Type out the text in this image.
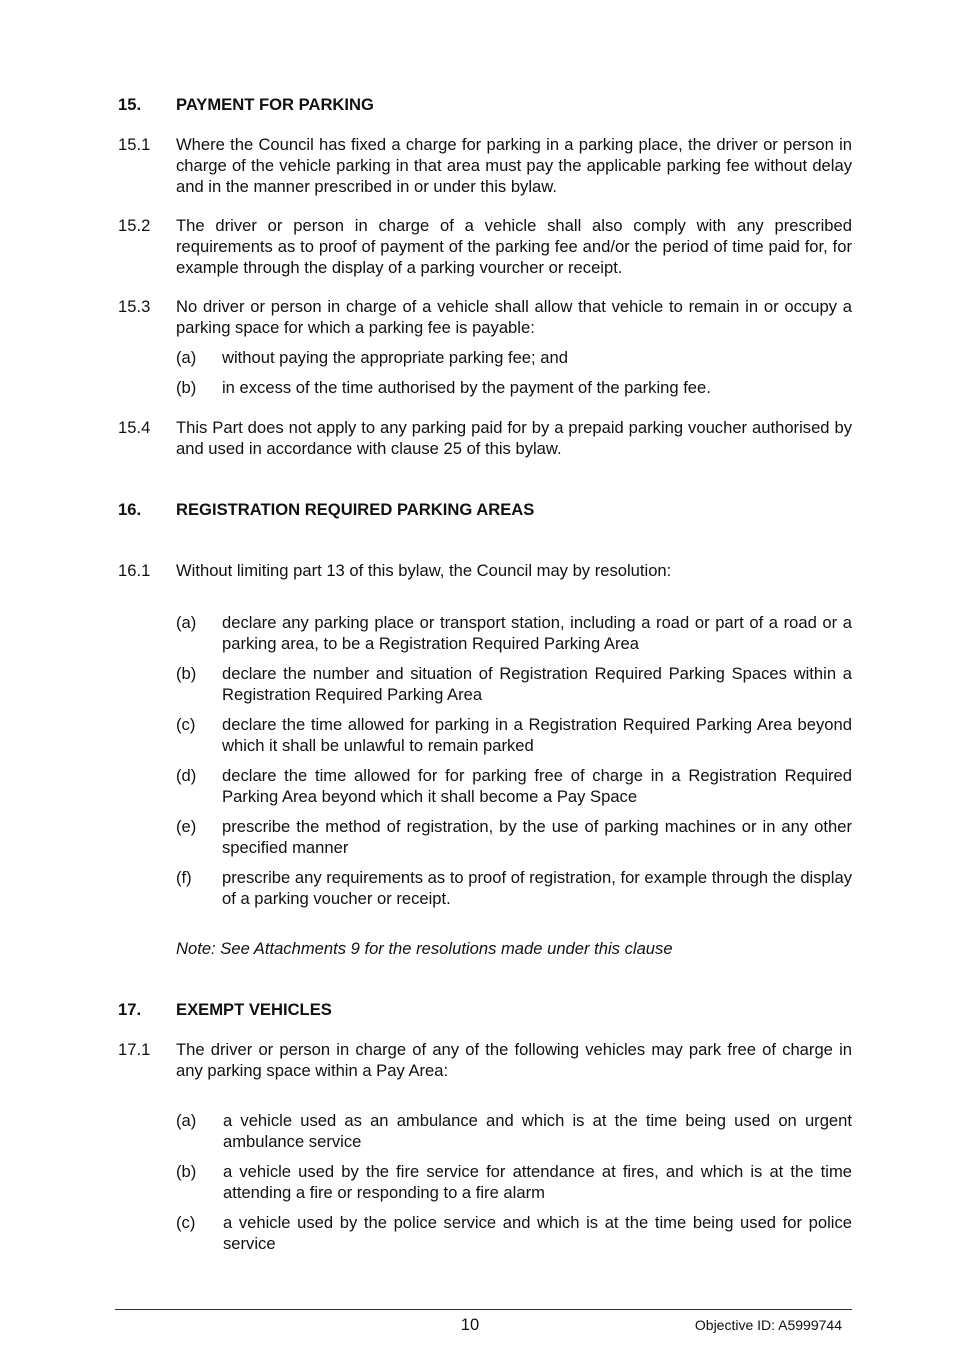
15. PAYMENT FOR PARKING
15.1 Where the Council has fixed a charge for parking in a parking place, the driver or person in charge of the vehicle parking in that area must pay the applicable parking fee without delay and in the manner prescribed in or under this bylaw.
15.2 The driver or person in charge of a vehicle shall also comply with any prescribed requirements as to proof of payment of the parking fee and/or the period of time paid for, for example through the display of a parking vourcher or receipt.
15.3 No driver or person in charge of a vehicle shall allow that vehicle to remain in or occupy a parking space for which a parking fee is payable:
(a) without paying the appropriate parking fee; and
(b) in excess of the time authorised by the payment of the parking fee.
15.4 This Part does not apply to any parking paid for by a prepaid parking voucher authorised by and used in accordance with clause 25 of this bylaw.
16. REGISTRATION REQUIRED PARKING AREAS
16.1 Without limiting part 13 of this bylaw, the Council may by resolution:
(a) declare any parking place or transport station, including a road or part of a road or a parking area, to be a Registration Required Parking Area
(b) declare the number and situation of Registration Required Parking Spaces within a Registration Required Parking Area
(c) declare the time allowed for parking in a Registration Required Parking Area beyond which it shall be unlawful to remain parked
(d) declare the time allowed for for parking free of charge in a Registration Required Parking Area beyond which it shall become a Pay Space
(e) prescribe the method of registration, by the use of parking machines or in any other specified manner
(f) prescribe any requirements as to proof of registration, for example through the display of a parking voucher or receipt.
Note: See Attachments 9 for the resolutions made under this clause
17. EXEMPT VEHICLES
17.1 The driver or person in charge of any of the following vehicles may park free of charge in any parking space within a Pay Area:
(a) a vehicle used as an ambulance and which is at the time being used on urgent ambulance service
(b) a vehicle used by the fire service for attendance at fires, and which is at the time attending a fire or responding to a fire alarm
(c) a vehicle used by the police service and which is at the time being used for police service
10	Objective ID: A5999744
